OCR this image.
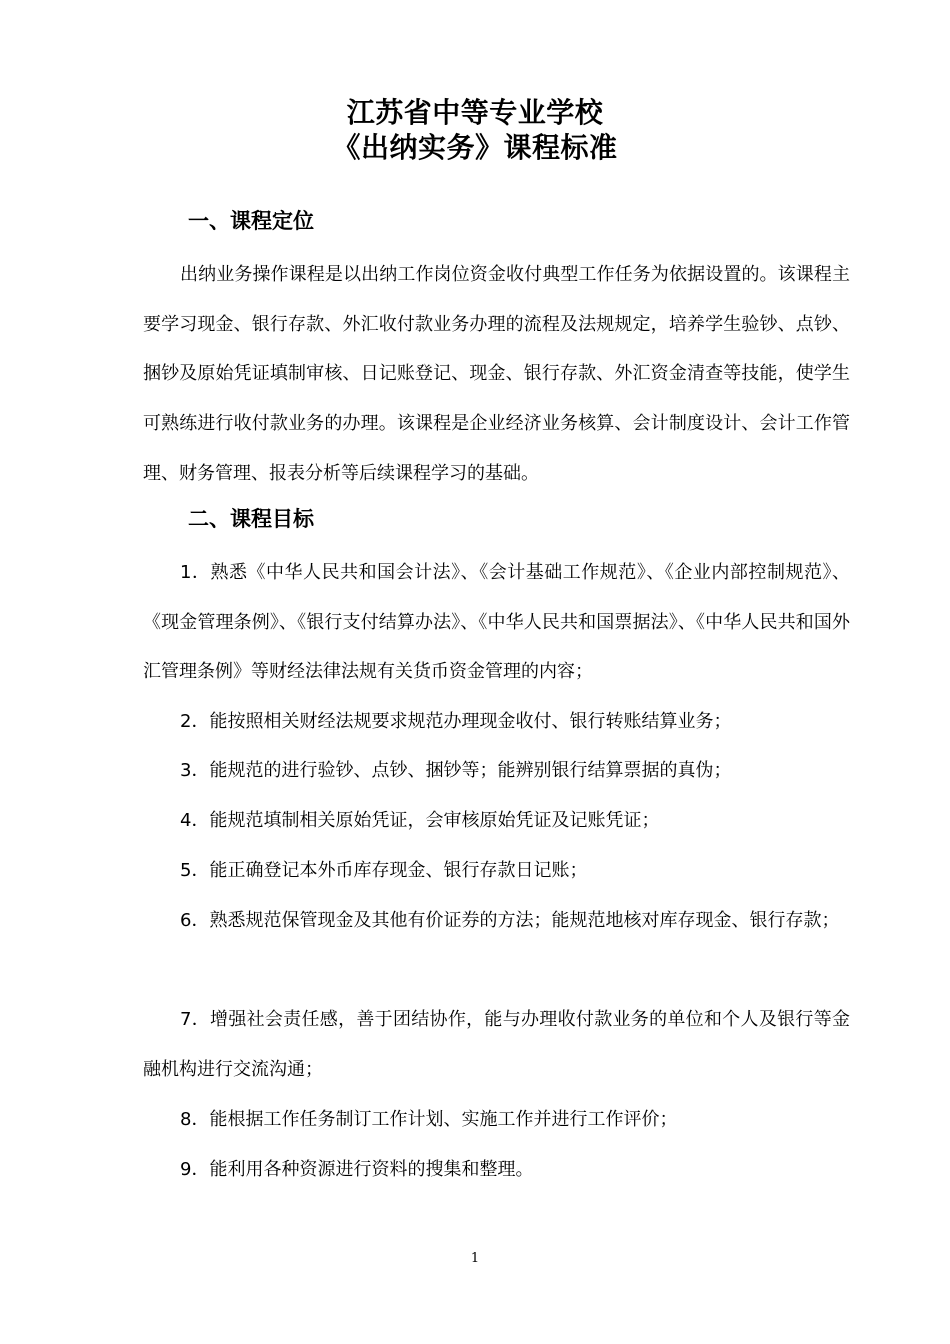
江苏省中等专业学校
《出纳实务》课程标准
一、课程定位

出纳业务操作课程是以出纳工作岗位资金收付典型工作任务为依据设置的。该课程主要学习现金、银行存款、外汇收付款业务办理的流程及法规规定，培养学生验钞、点钞、捆钞及原始凭证填制审核、日记账登记、现金、银行存款、外汇资金清查等技能，使学生可熟练进行收付款业务的办理。该课程是企业经济业务核算、会计制度设计、会计工作管理、财务管理、报表分析等后续课程学习的基础。

二、课程目标

1．熟悉《中华人民共和国会计法》、《会计基础工作规范》、《企业内部控制规范》、《现金管理条例》、《银行支付结算办法》、《中华人民共和国票据法》、《中华人民共和国外汇管理条例》等财经法律法规有关货币资金管理的内容；

2．能按照相关财经法规要求规范办理现金收付、银行转账结算业务；

3．能规范的进行验钞、点钞、捆钞等；能辨别银行结算票据的真伪；

4．能规范填制相关原始凭证，会审核原始凭证及记账凭证；

5．能正确登记本外币库存现金、银行存款日记账；

6．熟悉规范保管现金及其他有价证券的方法；能规范地核对库存现金、银行存款；

7．增强社会责任感，善于团结协作，能与办理收付款业务的单位和个人及银行等金融机构进行交流沟通；

8．能根据工作任务制订工作计划、实施工作并进行工作评价；

9．能利用各种资源进行资料的搜集和整理。

1
